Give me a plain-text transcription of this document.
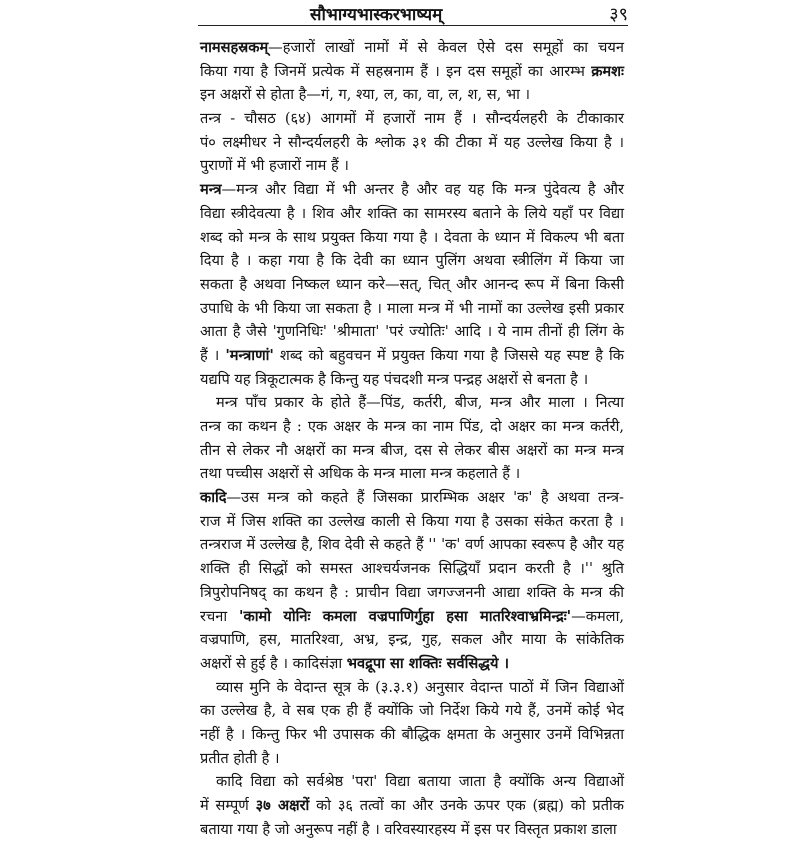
सौभाग्यभास्करभाष्यम्	३९
नामसहस्रकम्—हजारों लाखों नामों में से केवल ऐसे दस समूहों का चयन
किया गया है जिनमें प्रत्येक में सहस्रनाम हैं । इन दस समूहों का आरम्भ क्रमशः
इन अक्षरों से होता है—गं, ग, श्या, ल, का, वा, ल, श, स, भा ।
तन्त्र - चौसठ (६४) आगमों में हजारों नाम हैं । सौन्दर्यलहरी के टीकाकार
पं० लक्ष्मीधर ने सौन्दर्यलहरी के श्लोक ३१ की टीका में यह उल्लेख किया है ।
पुराणों में भी हजारों नाम हैं ।
मन्त्र—मन्त्र और विद्या में भी अन्तर है और वह यह कि मन्त्र पुंदेवत्य है और
विद्या स्त्रीदेवत्या है । शिव और शक्ति का सामरस्य बताने के लिये यहाँ पर विद्या
शब्द को मन्त्र के साथ प्रयुक्त किया गया है । देवता के ध्यान में विकल्प भी बता
दिया है । कहा गया है कि देवी का ध्यान पुलिंग अथवा स्त्रीलिंग में किया जा
सकता है अथवा निष्कल ध्यान करे—सत्, चित् और आनन्द रूप में बिना किसी
उपाधि के भी किया जा सकता है । माला मन्त्र में भी नामों का उल्लेख इसी प्रकार
आता है जैसे 'गुणनिधिः' 'श्रीमाता' 'परं ज्योतिः' आदि । ये नाम तीनों ही लिंग के
हैं । 'मन्त्राणां' शब्द को बहुवचन में प्रयुक्त किया गया है जिससे यह स्पष्ट है कि
यद्यपि यह त्रिकूटात्मक है किन्तु यह पंचदशी मन्त्र पन्द्रह अक्षरों से बनता है ।
मन्त्र पाँच प्रकार के होते हैं—पिंड, कर्तरी, बीज, मन्त्र और माला । नित्या
तन्त्र का कथन है : एक अक्षर के मन्त्र का नाम पिंड, दो अक्षर का मन्त्र कर्तरी,
तीन से लेकर नौ अक्षरों का मन्त्र बीज, दस से लेकर बीस अक्षरों का मन्त्र मन्त्र
तथा पच्चीस अक्षरों से अधिक के मन्त्र माला मन्त्र कहलाते हैं ।
कादि—उस मन्त्र को कहते हैं जिसका प्रारम्भिक अक्षर 'क' है अथवा तन्त्र-
राज में जिस शक्ति का उल्लेख काली से किया गया है उसका संकेत करता है ।
तन्त्रराज में उल्लेख है, शिव देवी से कहते हैं '' 'क' वर्ण आपका स्वरूप है और यह
शक्ति ही सिद्धों को समस्त आश्चर्यजनक सिद्धियाँ प्रदान करती है ।'' श्रुति
त्रिपुरोपनिषद् का कथन है : प्राचीन विद्या जगज्जननी आद्या शक्ति के मन्त्र की
रचना 'कामो योनिः कमला वज्रपाणिर्गुहा हसा मातरिश्वाभ्रमिन्द्रः'—कमला,
वज्रपाणि, हस, मातरिश्वा, अभ्र, इन्द्र, गुह, सकल और माया के सांकेतिक
अक्षरों से हुई है । कादिसंज्ञा भवद्रूपा सा शक्तिः सर्वसिद्धये ।
व्यास मुनि के वेदान्त सूत्र के (३.३.१) अनुसार वेदान्त पाठों में जिन विद्याओं
का उल्लेख है, वे सब एक ही हैं क्योंकि जो निर्देश किये गये हैं, उनमें कोई भेद
नहीं है । किन्तु फिर भी उपासक की बौद्धिक क्षमता के अनुसार उनमें विभिन्नता
प्रतीत होती है ।
कादि विद्या को सर्वश्रेष्ठ 'परा' विद्या बताया जाता है क्योंकि अन्य विद्याओं
में सम्पूर्ण ३७ अक्षरों को ३६ तत्वों का और उनके ऊपर एक (ब्रह्म) को प्रतीक
बताया गया है जो अनुरूप नहीं है । वरिवस्यारहस्य में इस पर विस्तृत प्रकाश डाला
